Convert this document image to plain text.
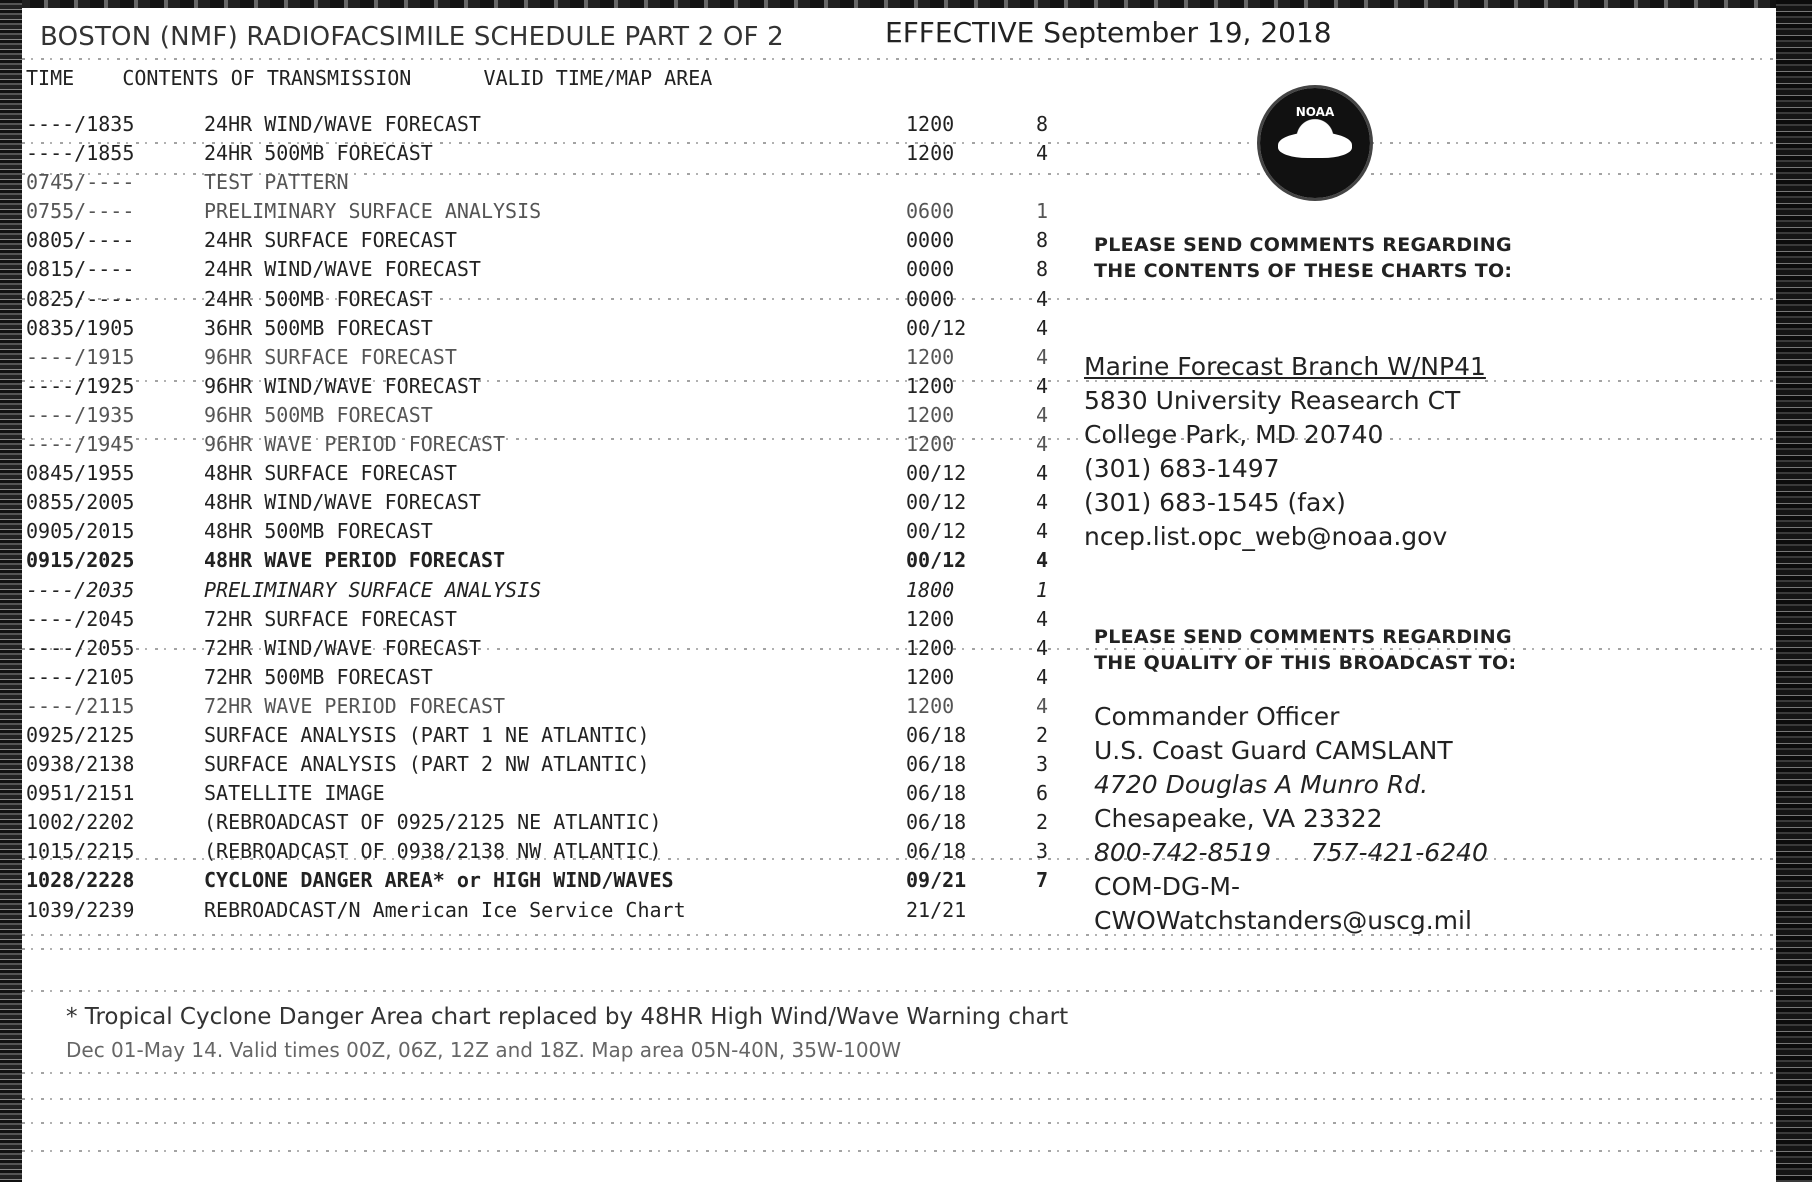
BOSTON (NMF) RADIOFACSIMILE SCHEDULE PART 2 OF 2	EFFECTIVE September 19, 2018
TIME    CONTENTS OF TRANSMISSION      VALID TIME/MAP AREA
----/1835	24HR WIND/WAVE FORECAST	1200	8
----/1855	24HR 500MB FORECAST	1200	4
0745/----	TEST PATTERN
0755/----	PRELIMINARY SURFACE ANALYSIS	0600	1
0805/----	24HR SURFACE FORECAST	0000	8
0815/----	24HR WIND/WAVE FORECAST	0000	8
0825/----	24HR 500MB FORECAST	0000	4
0835/1905	36HR 500MB FORECAST	00/12	4
----/1915	96HR SURFACE FORECAST	1200	4
----/1925	96HR WIND/WAVE FORECAST	1200	4
----/1935	96HR 500MB FORECAST	1200	4
----/1945	96HR WAVE PERIOD FORECAST	1200	4
0845/1955	48HR SURFACE FORECAST	00/12	4
0855/2005	48HR WIND/WAVE FORECAST	00/12	4
0905/2015	48HR 500MB FORECAST	00/12	4
0915/2025	48HR WAVE PERIOD FORECAST	00/12	4
----/2035	PRELIMINARY SURFACE ANALYSIS	1800	1
----/2045	72HR SURFACE FORECAST	1200	4
----/2055	72HR WIND/WAVE FORECAST	1200	4
----/2105	72HR 500MB FORECAST	1200	4
----/2115	72HR WAVE PERIOD FORECAST	1200	4
0925/2125	SURFACE ANALYSIS (PART 1 NE ATLANTIC)	06/18	2
0938/2138	SURFACE ANALYSIS (PART 2 NW ATLANTIC)	06/18	3
0951/2151	SATELLITE IMAGE	06/18	6
1002/2202	(REBROADCAST OF 0925/2125 NE ATLANTIC)	06/18	2
1015/2215	(REBROADCAST OF 0938/2138 NW ATLANTIC)	06/18	3
1028/2228	CYCLONE DANGER AREA* or HIGH WIND/WAVES	09/21	7
1039/2239	REBROADCAST/N American Ice Service Chart	21/21
NOAA
PLEASE SEND COMMENTS REGARDING
THE CONTENTS OF THESE CHARTS TO:
Marine Forecast Branch W/NP41
5830 University Reasearch CT
College Park, MD 20740
(301) 683-1497
(301) 683-1545 (fax)
ncep.list.opc_web@noaa.gov
PLEASE SEND COMMENTS REGARDING
THE QUALITY OF THIS BROADCAST TO:
Commander Officer
U.S. Coast Guard CAMSLANT
4720 Douglas A Munro Rd.
Chesapeake, VA 23322
800-742-8519     757-421-6240
COM-DG-M-
CWOWatchstanders@uscg.mil
* Tropical Cyclone Danger Area chart replaced by 48HR High Wind/Wave Warning chart
Dec 01-May 14. Valid times 00Z, 06Z, 12Z and 18Z. Map area 05N-40N, 35W-100W
